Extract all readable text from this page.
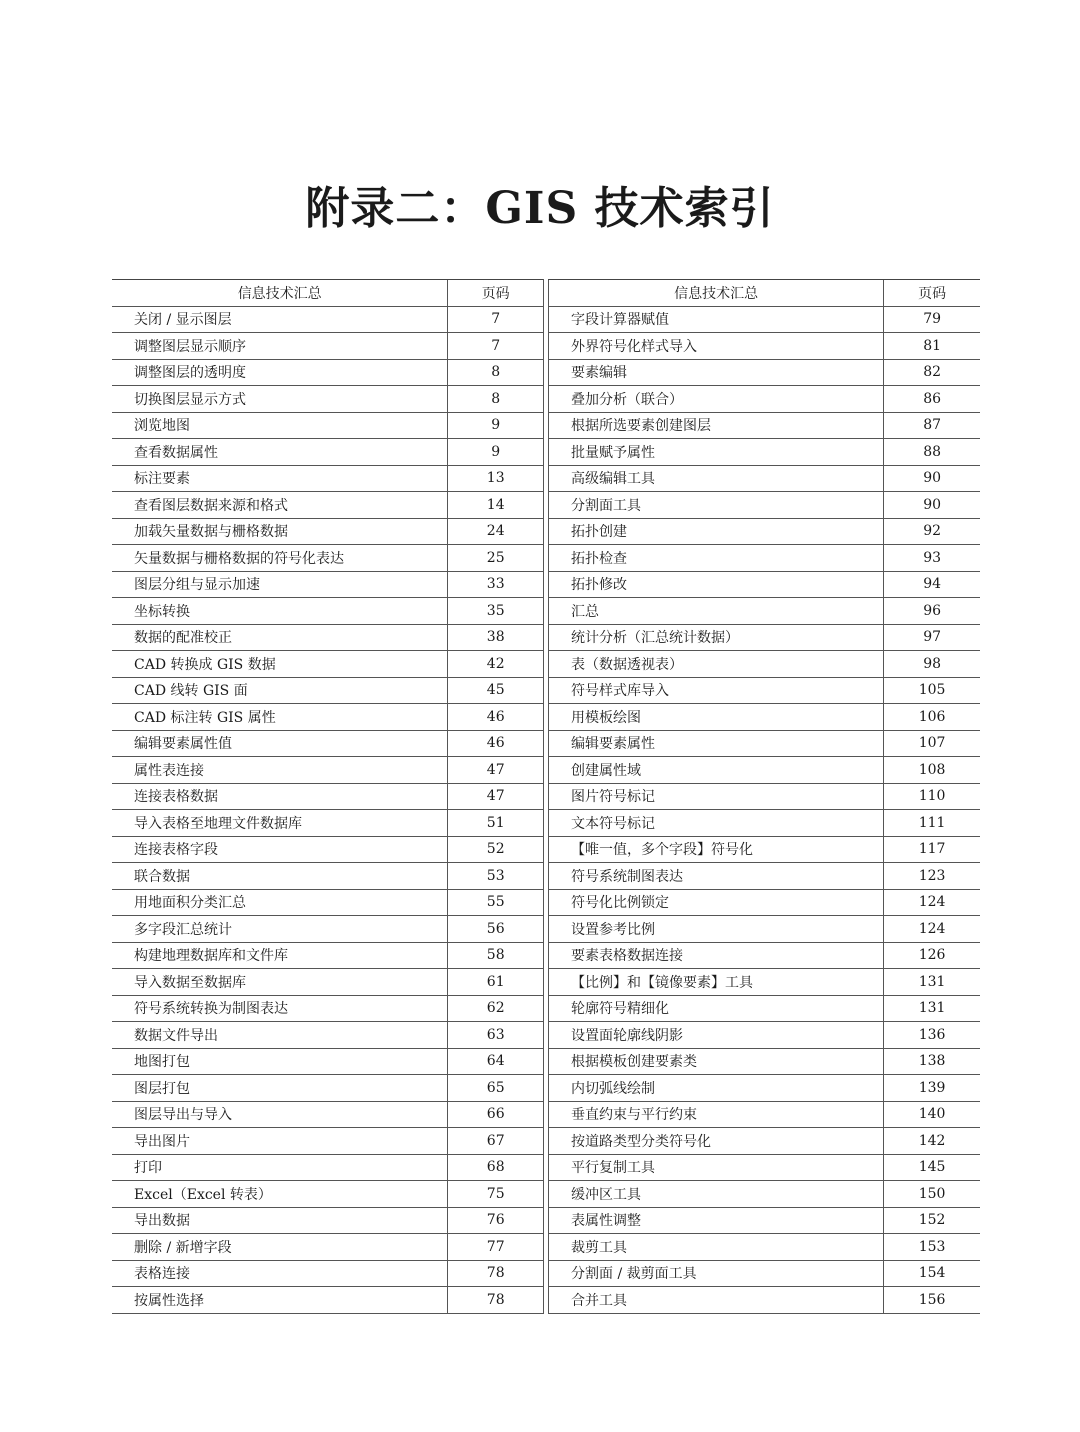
附录二：GIS 技术索引
信息技术汇总	页码
关闭 / 显示图层	7
调整图层显示顺序	7
调整图层的透明度	8
切换图层显示方式	8
浏览地图	9
查看数据属性	9
标注要素	13
查看图层数据来源和格式	14
加载矢量数据与栅格数据	24
矢量数据与栅格数据的符号化表达	25
图层分组与显示加速	33
坐标转换	35
数据的配准校正	38
CAD 转换成 GIS 数据	42
CAD 线转 GIS 面	45
CAD 标注转 GIS 属性	46
编辑要素属性值	46
属性表连接	47
连接表格数据	47
导入表格至地理文件数据库	51
连接表格字段	52
联合数据	53
用地面积分类汇总	55
多字段汇总统计	56
构建地理数据库和文件库	58
导入数据至数据库	61
符号系统转换为制图表达	62
数据文件导出	63
地图打包	64
图层打包	65
图层导出与导入	66
导出图片	67
打印	68
Excel（Excel 转表）	75
导出数据	76
删除 / 新增字段	77
表格连接	78
按属性选择	78
信息技术汇总	页码
字段计算器赋值	79
外界符号化样式导入	81
要素编辑	82
叠加分析（联合）	86
根据所选要素创建图层	87
批量赋予属性	88
高级编辑工具	90
分割面工具	90
拓扑创建	92
拓扑检查	93
拓扑修改	94
汇总	96
统计分析（汇总统计数据）	97
表（数据透视表）	98
符号样式库导入	105
用模板绘图	106
编辑要素属性	107
创建属性域	108
图片符号标记	110
文本符号标记	111
【唯一值，多个字段】符号化	117
符号系统制图表达	123
符号化比例锁定	124
设置参考比例	124
要素表格数据连接	126
【比例】和【镜像要素】工具	131
轮廓符号精细化	131
设置面轮廓线阴影	136
根据模板创建要素类	138
内切弧线绘制	139
垂直约束与平行约束	140
按道路类型分类符号化	142
平行复制工具	145
缓冲区工具	150
表属性调整	152
裁剪工具	153
分割面 / 裁剪面工具	154
合并工具	156
